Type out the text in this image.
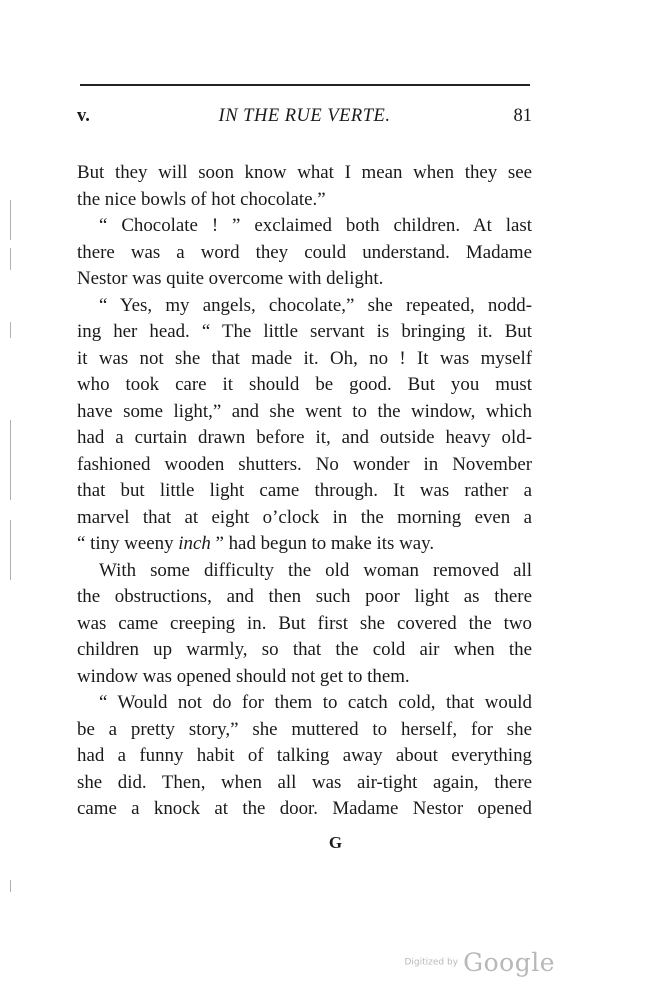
v.	IN THE RUE VERTE.	81

But they will soon know what I mean when they see

the nice bowls of hot chocolate.”

“ Chocolate ! ” exclaimed both children. At last

there was a word they could understand. Madame

Nestor was quite overcome with delight.

“ Yes, my angels, chocolate,” she repeated, nodd-

ing her head. “ The little servant is bringing it. But

it was not she that made it. Oh, no ! It was myself

who took care it should be good. But you must

have some light,” and she went to the window, which

had a curtain drawn before it, and outside heavy old-

fashioned wooden shutters. No wonder in November

that but little light came through. It was rather a

marvel that at eight o’clock in the morning even a

“ tiny weeny inch ” had begun to make its way.

With some difficulty the old woman removed all

the obstructions, and then such poor light as there

was came creeping in. But first she covered the two

children up warmly, so that the cold air when the

window was opened should not get to them.

“ Would not do for them to catch cold, that would

be a pretty story,” she muttered to herself, for she

had a funny habit of talking away about everything

she did. Then, when all was air-tight again, there

came a knock at the door. Madame Nestor opened

G
Digitized by Google
